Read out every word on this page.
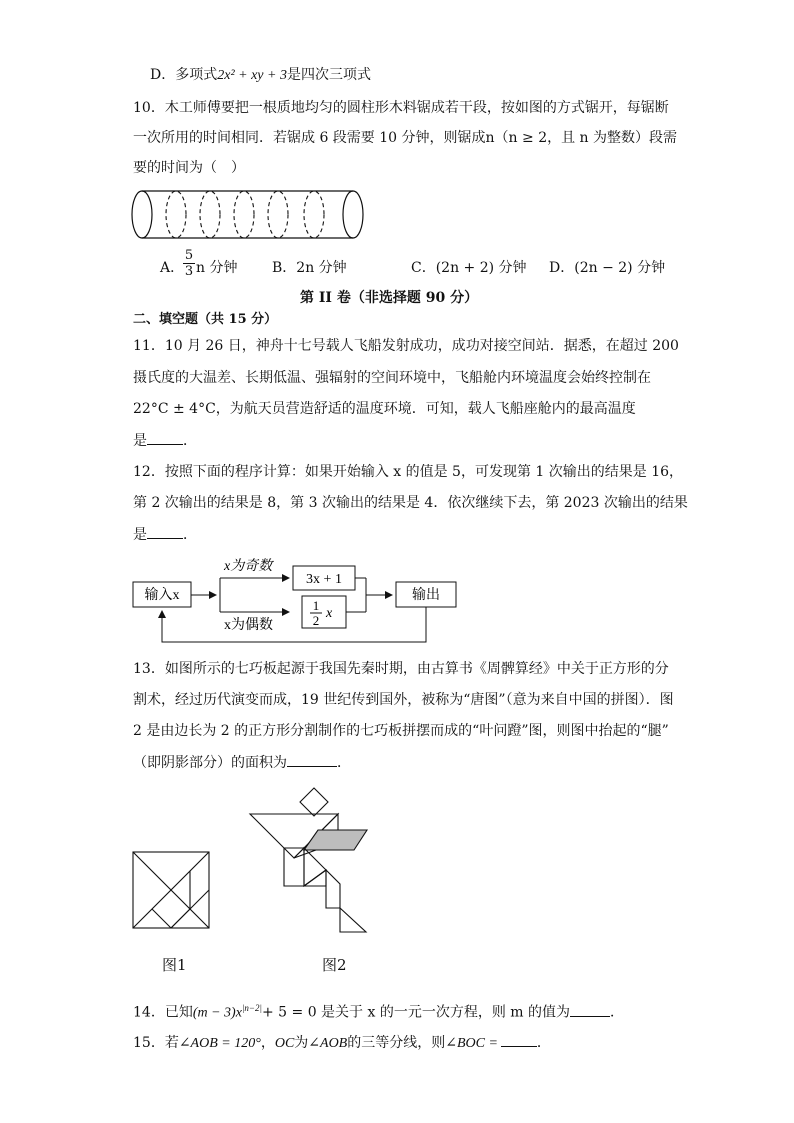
D．多项式2x² + xy + 3是四次三项式
10．木工师傅要把一根质地均匀的圆柱形木料锯成若干段，按如图的方式锯开，每锯断
一次所用的时间相同．若锯成 6 段需要 10 分钟，则锯成n（n ≥ 2，且 n 为整数）段需
要的时间为（　）
A．
$\frac{5}{3}$ n 分钟 B．2n 分钟	C．(2n + 2) 分钟 D．(2n − 2) 分钟
第 II 卷（非选择题 90 分）
二、填空题（共 15 分）
11．10 月 26 日，神舟十七号载人飞船发射成功，成功对接空间站．据悉，在超过 200
摄氏度的大温差、长期低温、强辐射的空间环境中，飞船舱内环境温度会始终控制在
22°C ± 4°C，为航天员营造舒适的温度环境．可知，载人飞船座舱内的最高温度
是	．
12．按照下面的程序计算：如果开始输入 x 的值是 5，可发现第 1 次输出的结果是 16，
第 2 次输出的结果是 8，第 3 次输出的结果是 4．依次继续下去，第 2023 次输出的结果
是	．
输入x
x为奇数
x为偶数
3x + 1
1
2 x
输出
13．如图所示的七巧板起源于我国先秦时期，由古算书《周髀算经》中关于正方形的分
割术，经过历代演变而成，19 世纪传到国外，被称为“唐图”（意为来自中国的拼图）．图
2 是由边长为 2 的正方形分割制作的七巧板拼摆而成的“叶问蹬”图，则图中抬起的“腿”
（即阴影部分）的面积为	．
图1	图2
14．已知$(m - 3)x^{|n-2|}+ 5 = 0$ 是关于 x 的一元一次方程，则 m 的值为	．
15．若∠AOB = 120°，OC为∠AOB的三等分线，则∠BOC =	．
